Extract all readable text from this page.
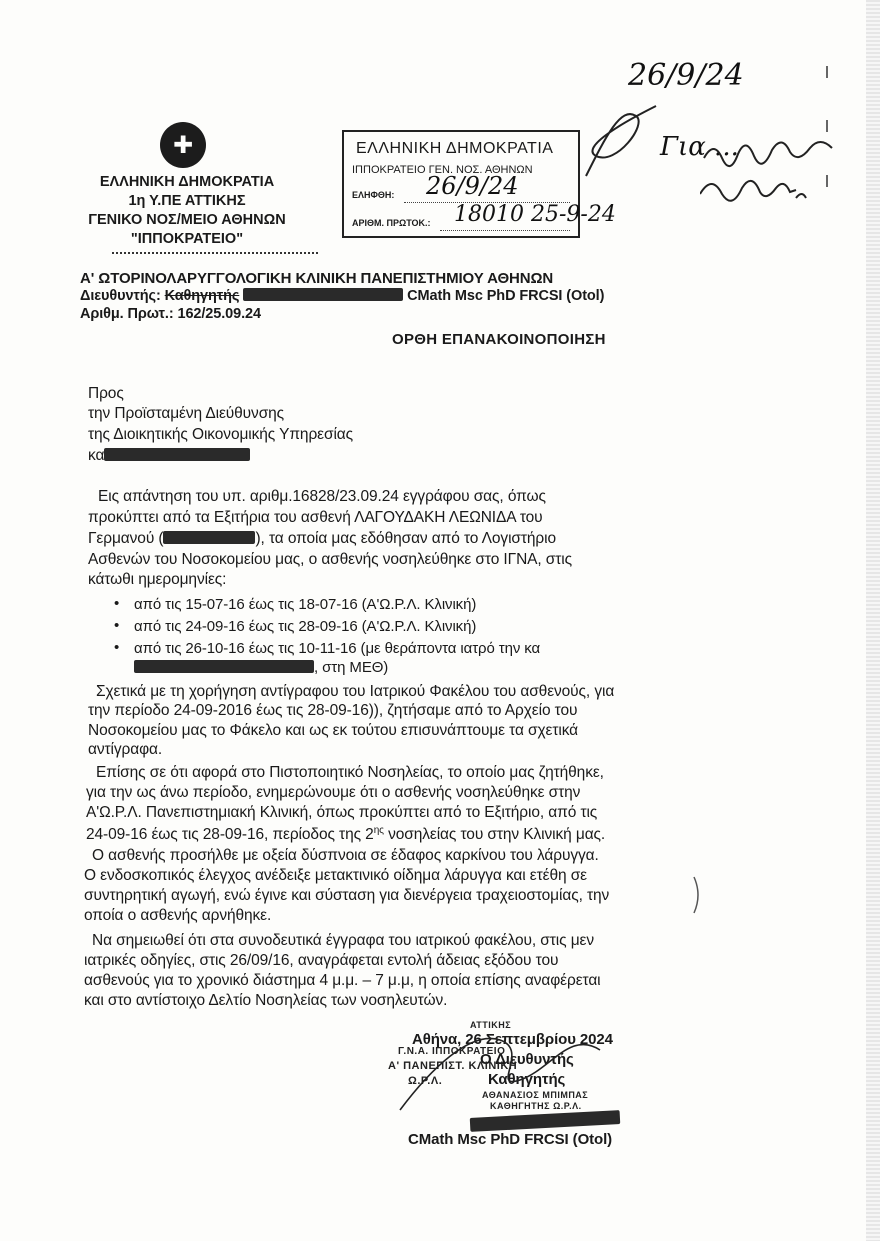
✚
ΕΛΛΗΝΙΚΗ ΔΗΜΟΚΡΑΤΙΑ
1η Υ.ΠΕ ΑΤΤΙΚΗΣ
ΓΕΝΙΚΟ ΝΟΣ/ΜΕΙΟ ΑΘΗΝΩΝ
"ΙΠΠΟΚΡΑΤΕΙΟ"
ΕΛΛΗΝΙΚΗ ΔΗΜΟΚΡΑΤΙΑ
ΙΠΠΟΚΡΑΤΕΙΟ ΓΕΝ. ΝΟΣ. ΑΘΗΝΩΝ
ΕΛΗΦΘΗ:
ΑΡΙΘΜ. ΠΡΩΤΟΚ.:
26/9/24
18010 25-9-24
26/9/24
Για ...
Α' ΩΤΟΡΙΝΟΛΑΡΥΓΓΟΛΟΓΙΚΗ ΚΛΙΝΙΚΗ ΠΑΝΕΠΙΣΤΗΜΙΟΥ ΑΘΗΝΩΝ
Διευθυντής: Καθηγητής	CMath Msc PhD FRCSI (Otol)
Αριθμ. Πρωτ.: 162/25.09.24
ΟΡΘΗ ΕΠΑΝΑΚΟΙΝΟΠΟΙΗΣΗ
Προς
την Προϊσταμένη Διεύθυνσης
της Διοικητικής Οικονομικής Υπηρεσίας
κα
Εις απάντηση του υπ. αριθμ.16828/23.09.24 εγγράφου σας, όπως
προκύπτει από τα Εξιτήρια του ασθενή ΛΑΓΟΥΔΑΚΗ ΛΕΩΝΙΔΑ του
Γερμανού (	), τα οποία μας εδόθησαν από το Λογιστήριο
Ασθενών του Νοσοκομείου μας, ο ασθενής νοσηλεύθηκε στο ΙΓΝΑ, στις
κάτωθι ημερομηνίες:
• από τις 15-07-16 έως τις 18-07-16 (Α'Ω.Ρ.Λ. Κλινική)
• από τις 24-09-16 έως τις 28-09-16 (Α'Ω.Ρ.Λ. Κλινική)
• από τις 26-10-16 έως τις 10-11-16 (με θεράποντα ιατρό την κα
, στη ΜΕΘ)
Σχετικά με τη χορήγηση αντίγραφου του Ιατρικού Φακέλου του ασθενούς, για
την περίοδο 24-09-2016 έως τις 28-09-16)), ζητήσαμε από το Αρχείο του
Νοσοκομείου μας το Φάκελο και ως εκ τούτου επισυνάπτουμε τα σχετικά
αντίγραφα.
Επίσης σε ότι αφορά στο Πιστοποιητικό Νοσηλείας, το οποίο μας ζητήθηκε,
για την ως άνω περίοδο, ενημερώνουμε ότι ο ασθενής νοσηλεύθηκε στην
Α'Ω.Ρ.Λ. Πανεπιστημιακή Κλινική, όπως προκύπτει από το Εξιτήριο, από τις
24-09-16 έως τις 28-09-16, περίοδος της $2^{\eta\varsigma}$ νοσηλείας του στην Κλινική μας.
Ο ασθενής προσήλθε με οξεία δύσπνοια σε έδαφος καρκίνου του λάρυγγα.
Ο ενδοσκοπικός έλεγχος ανέδειξε μετακτινικό οίδημα λάρυγγα και ετέθη σε
συντηρητική αγωγή, ενώ έγινε και σύσταση για διενέργεια τραχειοστομίας, την
οποία ο ασθενής αρνήθηκε.
Να σημειωθεί ότι στα συνοδευτικά έγγραφα του ιατρικού φακέλου, στις μεν
ιατρικές οδηγίες, στις 26/09/16, αναγράφεται εντολή άδειας εξόδου του
ασθενούς για το χρονικό διάστημα 4 μ.μ. – 7 μ.μ, η οποία επίσης αναφέρεται
και στο αντίστοιχο Δελτίο Νοσηλείας των νοσηλευτών.
Αθήνα, 26 Σεπτεμβρίου 2024
Ο Διευθυντής
Καθηγητής
ΑΤΤΙΚΗΣ
Γ.Ν.Α. ΙΠΠΟΚΡΑΤΕΙΟ
Α' ΠΑΝΕΠΙΣΤ. ΚΛΙΝΙΚΗ
Ω.Ρ.Λ.
ΑΘΑΝΑΣΙΟΣ ΜΠΙΜΠΑΣ
ΚΑΘΗΓΗΤΗΣ Ω.Ρ.Λ.
CMath Msc PhD FRCSI (Otol)
